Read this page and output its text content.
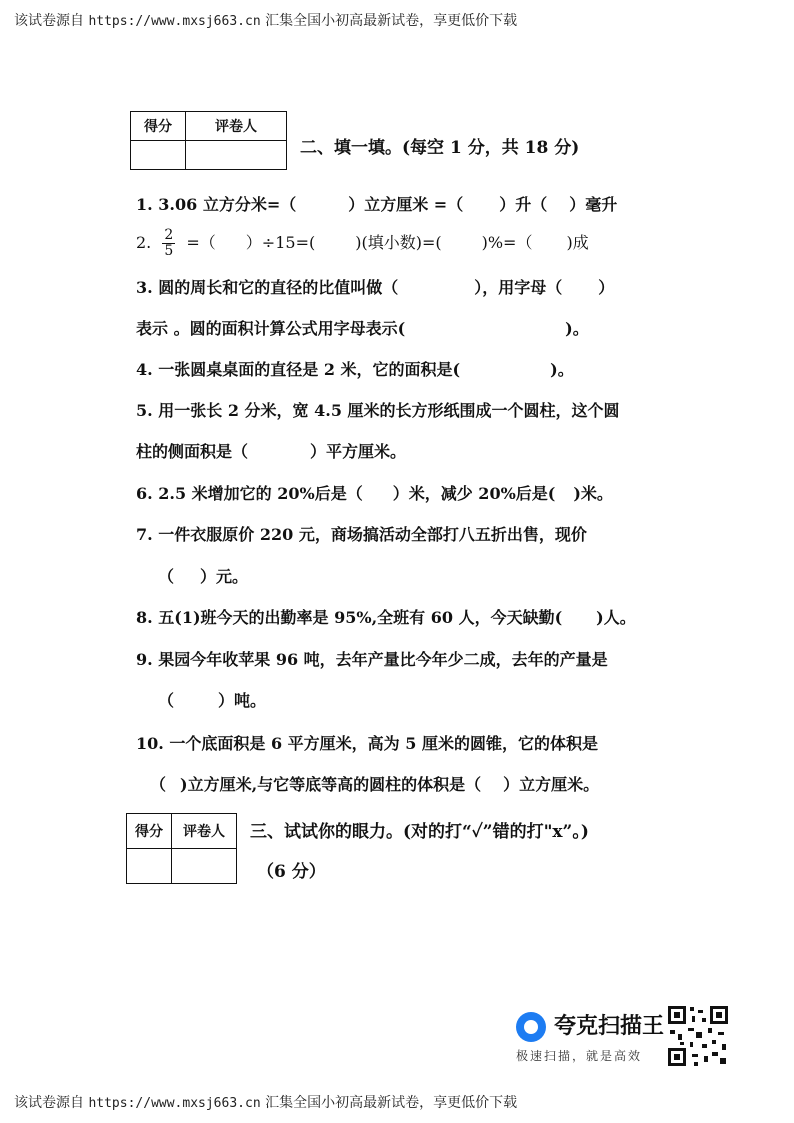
该试卷源自 https://www.mxsj663.cn 汇集全国小初高最新试卷，享更低价下载
得分	评卷人

二、填一填。(每空 1 分，共 18 分)
1. 3.06 立方分米=（	）立方厘米 =（ ）升（ ）毫升
2. $\frac{2}{5}$ =（ ）÷15=(	)(填小数)=(	)%=（ )成
3. 圆的周长和它的直径的比值叫做（	），用字母（ ）
表示 。圆的面积计算公式用字母表示(	)。
4. 一张圆桌桌面的直径是 2 米，它的面积是(	)。
5. 用一张长 2 分米，宽 4.5 厘米的长方形纸围成一个圆柱，这个圆
柱的侧面积是（	）平方厘米。
6. 2.5 米增加它的 20%后是（ ）米，减少 20%后是( )米。
7. 一件衣服原价 220 元，商场搞活动全部打八五折出售，现价
（ ）元。
8. 五(1)班今天的出勤率是 95%,全班有 60 人，今天缺勤( )人。
9. 果园今年收苹果 96 吨，去年产量比今年少二成，去年的产量是
（	）吨。
10. 一个底面积是 6 平方厘米，高为 5 厘米的圆锥，它的体积是
（ )立方厘米,与它等底等高的圆柱的体积是（ ）立方厘米。
得分	评卷人
	三、试试你的眼力。(对的打“✓”错的打"x”。)
（6 分）
夸克扫描王
极速扫描，就是高效
该试卷源自 https://www.mxsj663.cn 汇集全国小初高最新试卷，享更低价下载
